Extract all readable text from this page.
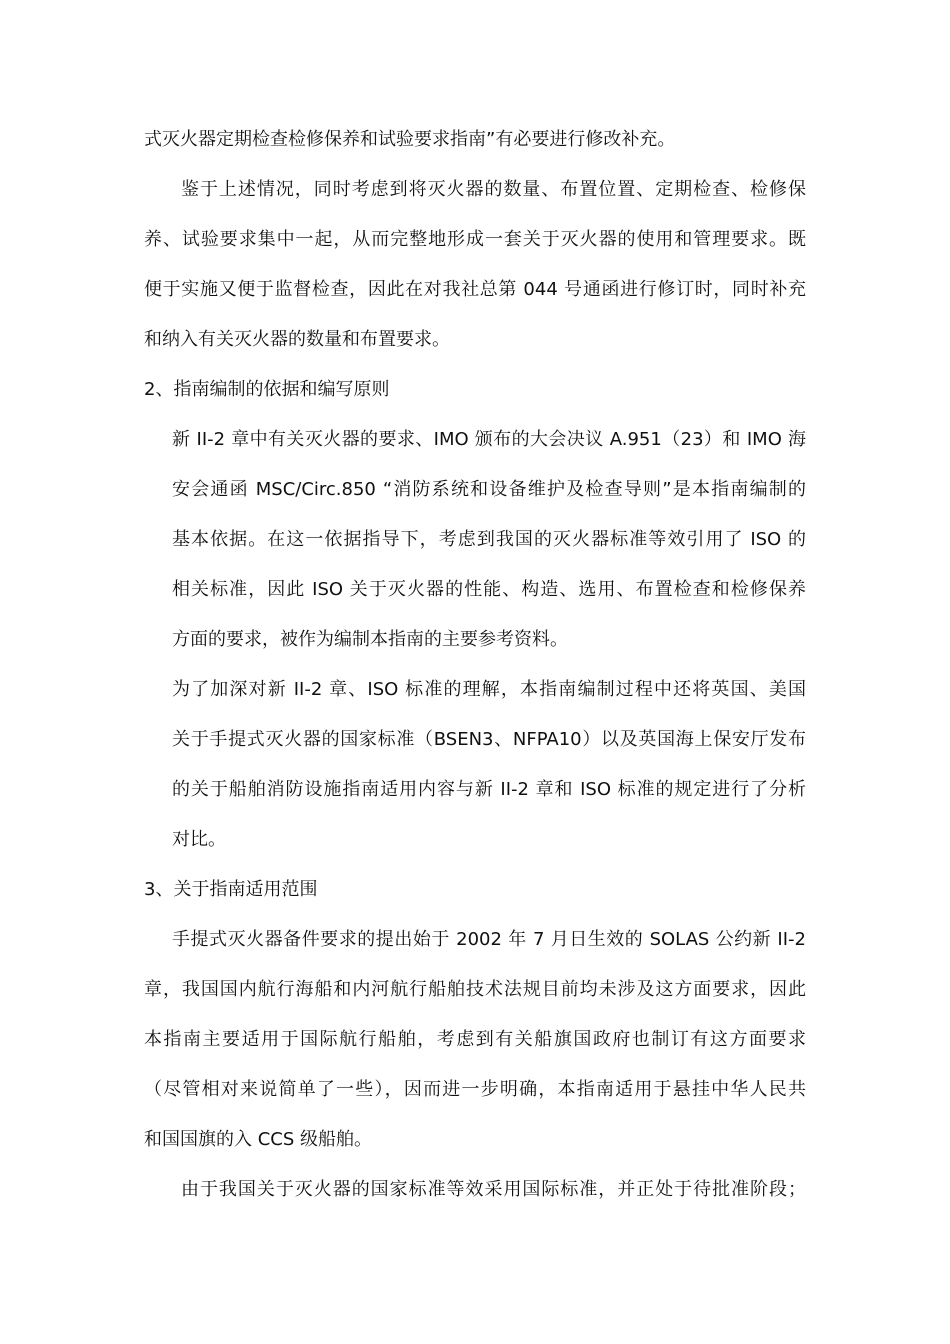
式灭火器定期检查检修保养和试验要求指南”有必要进行修改补充。
鉴于上述情况，同时考虑到将灭火器的数量、布置位置、定期检查、检修保
养、试验要求集中一起，从而完整地形成一套关于灭火器的使用和管理要求。既
便于实施又便于监督检查，因此在对我社总第 044 号通函进行修订时，同时补充
和纳入有关灭火器的数量和布置要求。
2、指南编制的依据和编写原则
新 II-2 章中有关灭火器的要求、IMO 颁布的大会决议 A.951（23）和 IMO 海
安会通函 MSC/Circ.850 “消防系统和设备维护及检查导则”是本指南编制的
基本依据。在这一依据指导下，考虑到我国的灭火器标准等效引用了 ISO 的
相关标准，因此 ISO 关于灭火器的性能、构造、选用、布置检查和检修保养
方面的要求，被作为编制本指南的主要参考资料。
为了加深对新 II-2 章、ISO 标准的理解，本指南编制过程中还将英国、美国
关于手提式灭火器的国家标准（BSEN3、NFPA10）以及英国海上保安厅发布
的关于船舶消防设施指南适用内容与新 II-2 章和 ISO 标准的规定进行了分析
对比。
3、关于指南适用范围
手提式灭火器备件要求的提出始于 2002 年 7 月日生效的 SOLAS 公约新 II-2
章，我国国内航行海船和内河航行船舶技术法规目前均未涉及这方面要求，因此
本指南主要适用于国际航行船舶，考虑到有关船旗国政府也制订有这方面要求
（尽管相对来说简单了一些），因而进一步明确，本指南适用于悬挂中华人民共
和国国旗的入 CCS 级船舶。
由于我国关于灭火器的国家标准等效采用国际标准，并正处于待批准阶段；
